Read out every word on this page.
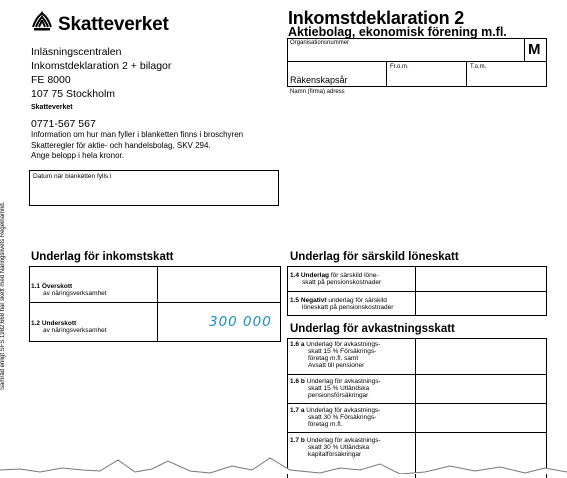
Skatteverket
Inläsningscentralen
Inkomstdeklaration 2 + bilagor
FE 8000
107 75 Stockholm
Skatteverket
0771-567 567
Information om hur man fyller i blanketten finns i broschyren
Skatteregler för aktie- och handelsbolag, SKV 294.
Ange belopp i hela kronor.
Datum när blanketten fylls i
Samråd enligt SFS 1982:668 har skett med Näringslivets Regelnämnd.
Inkomstdeklaration 2
Aktiebolag, ekonomisk förening m.fl.
Organisationsnummer	M
Räkenskapsår
Fr.o.m.	T.o.m.
Namn (firma) adress
Underlag för inkomstskatt
1.1 Överskott
av näringsverksamhet
1.2 Underskott
av näringsverksamhet
300 000
Underlag för särskild löneskatt
1.4 Underlag för särskild löne-
skatt på pensionskostnader
1.5 Negativt underlag för särskild
löneskatt på pensionskostnader
Underlag för avkastningsskatt
1.6 a Underlag för avkastnings-
skatt 15 % Försäkrings-
företag m.fl. samt
Avsatt till pensioner
1.6 b Underlag för avkastnings-
skatt 15 % Utländska
pensionsförsäkringar
1.7 a Underlag för avkastnings-
skatt 30 % Försäkrings-
företag m.fl.
1.7 b Underlag för avkastnings-
skatt 30 % Utländska
kapitalförsäkringar
